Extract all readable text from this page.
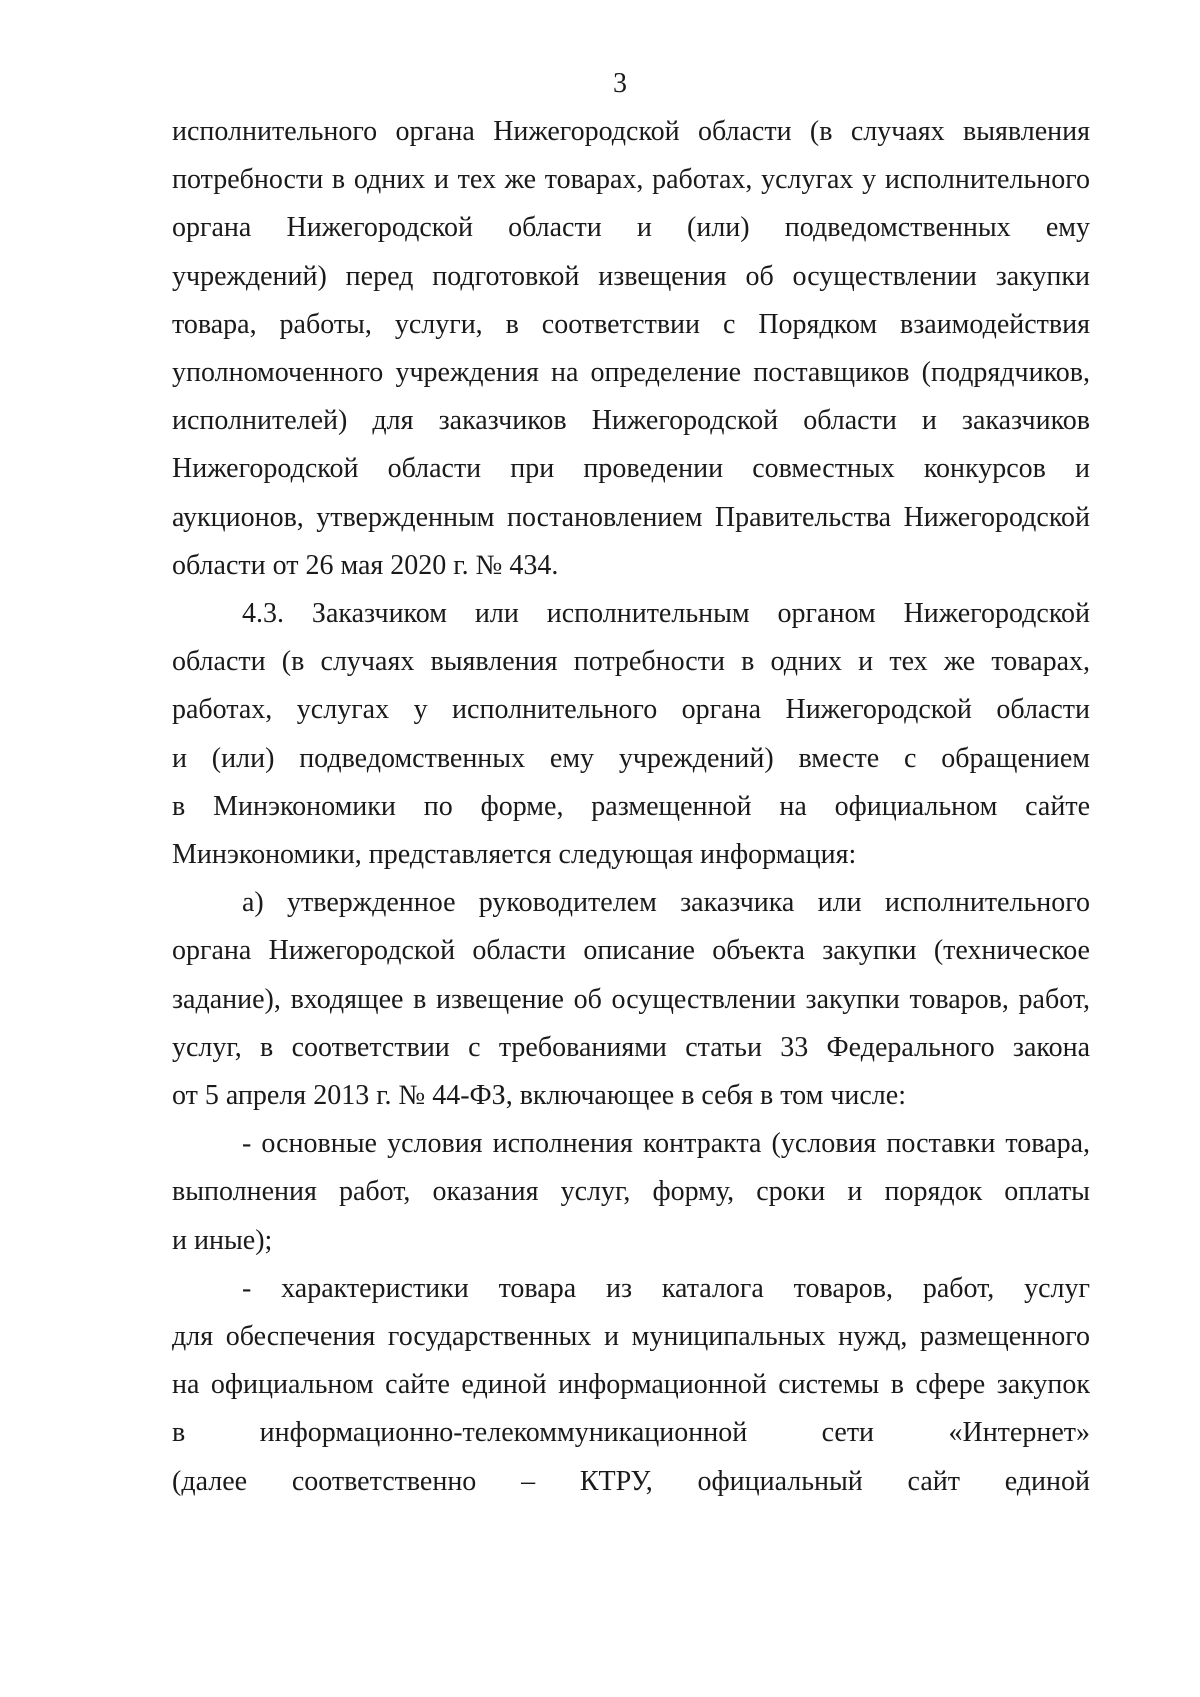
3
исполнительного органа Нижегородской области (в случаях выявления
потребности в одних и тех же товарах, работах, услугах у исполнительного
органа Нижегородской области и (или) подведомственных ему
учреждений) перед подготовкой извещения об осуществлении закупки
товара, работы, услуги, в соответствии с Порядком взаимодействия
уполномоченного учреждения на определение поставщиков (подрядчиков,
исполнителей) для заказчиков Нижегородской области и заказчиков
Нижегородской области при проведении совместных конкурсов и
аукционов, утвержденным постановлением Правительства Нижегородской
области от 26 мая 2020 г. № 434.
4.3. Заказчиком или исполнительным органом Нижегородской
области (в случаях выявления потребности в одних и тех же товарах,
работах, услугах у исполнительного органа Нижегородской области
и (или) подведомственных ему учреждений) вместе с обращением
в Минэкономики по форме, размещенной на официальном сайте
Минэкономики, представляется следующая информация:
а) утвержденное руководителем заказчика или исполнительного
органа Нижегородской области описание объекта закупки (техническое
задание), входящее в извещение об осуществлении закупки товаров, работ,
услуг, в соответствии с требованиями статьи 33 Федерального закона
от 5 апреля 2013 г. № 44-ФЗ, включающее в себя в том числе:
- основные условия исполнения контракта (условия поставки товара,
выполнения работ, оказания услуг, форму, сроки и порядок оплаты
и иные);
- характеристики товара из каталога товаров, работ, услуг
для обеспечения государственных и муниципальных нужд, размещенного
на официальном сайте единой информационной системы в сфере закупок
в информационно-телекоммуникационной сети «Интернет»
(далее соответственно – КТРУ, официальный сайт единой
